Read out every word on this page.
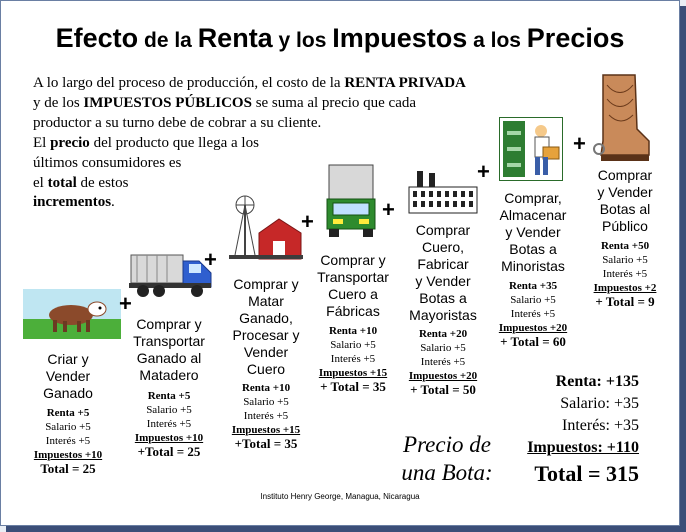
Efecto de la Renta y los Impuestos a los Precios
A lo largo del proceso de producción, el costo de la RENTA PRIVADA
y de los IMPUESTOS PÚBLICOS se suma al precio que cada
productor a su turno debe de cobrar a su cliente.
El precio del producto que llega a los
últimos consumidores es
el total de estos
incrementos.
+
+
+	+
+
+
Criar y
Vender
Ganado
Renta +5
Salario +5
Interés +5
Impuestos +10
Total = 25
Comprar y
Transportar
Ganado al
Matadero
Renta +5
Salario +5
Interés +5
Impuestos +10
+Total = 25
Comprar y
Matar
Ganado,
Procesar y
Vender
Cuero
Renta +10
Salario +5
Interés +5
Impuestos +15
+Total = 35
Comprar y
Transportar
Cuero a
Fábricas
Renta +10
Salario +5
Interés +5
Impuestos +15
+ Total = 35
Comprar
Cuero,
Fabricar
y Vender
Botas a
Mayoristas
Renta +20
Salario +5
Interés +5
Impuestos +20
+ Total = 50
Comprar,
Almacenar
y Vender
Botas a
Minoristas
Renta +35
Salario +5
Interés +5
Impuestos +20
+ Total = 60
Comprar
y Vender
Botas al
Público
Renta +50
Salario +5
Interés +5
Impuestos +2
+ Total = 9
Precio de
una Bota:
Renta: +135
Salario: +35
Interés: +35
Impuestos: +110
Total = 315
Instituto Henry George, Managua, Nicaragua
